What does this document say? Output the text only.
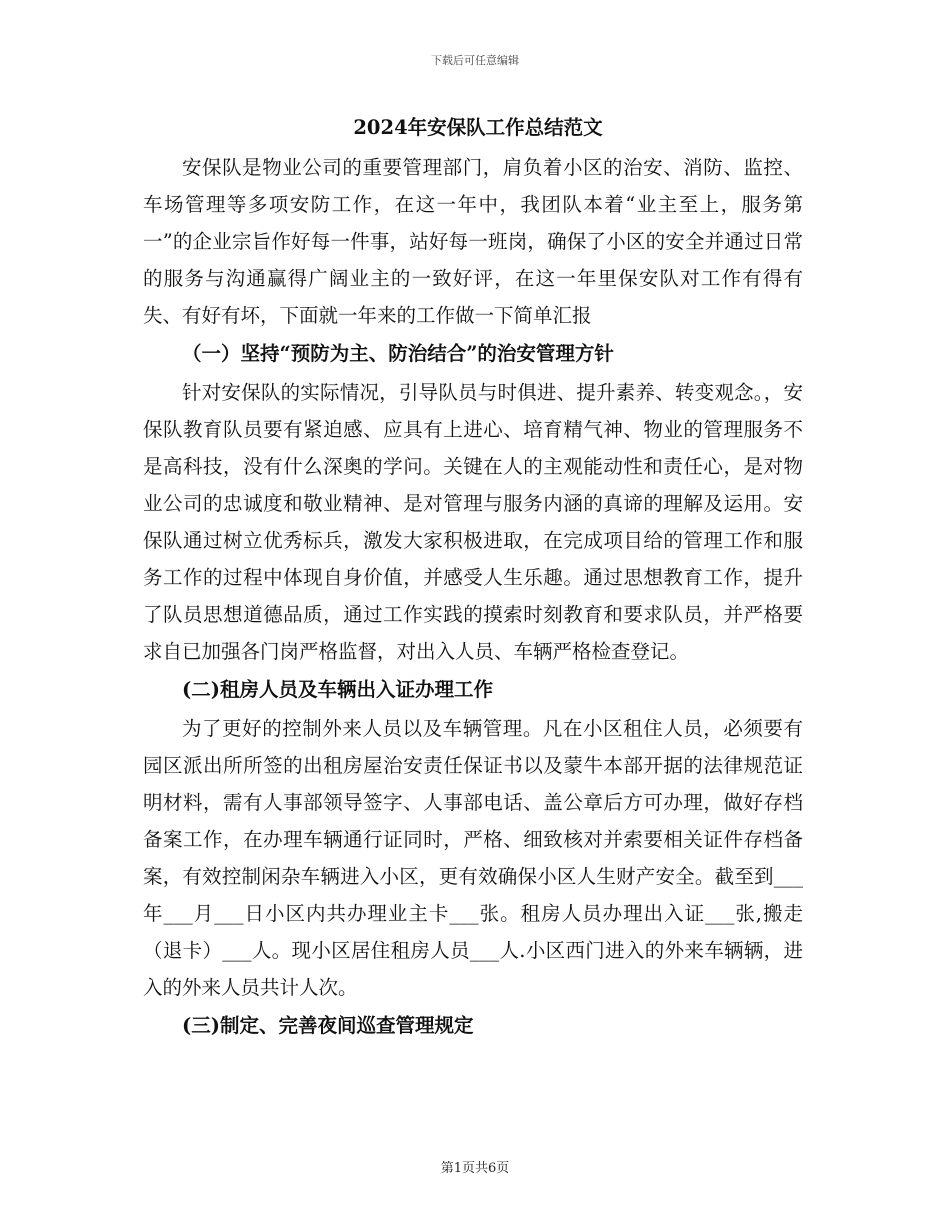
下载后可任意编辑
2024年安保队工作总结范文

安保队是物业公司的重要管理部门，肩负着小区的治安、消防、监控、车场管理等多项安防工作，在这一年中，我团队本着“业主至上，服务第一”的企业宗旨作好每一件事，站好每一班岗，确保了小区的安全并通过日常的服务与沟通赢得广阔业主的一致好评，在这一年里保安队对工作有得有失、有好有坏，下面就一年来的工作做一下简单汇报

（一）坚持“预防为主、防治结合”的治安管理方针

针对安保队的实际情况，引导队员与时俱进、提升素养、转变观念。，安保队教育队员要有紧迫感、应具有上进心、培育精气神、物业的管理服务不是高科技，没有什么深奥的学问。关键在人的主观能动性和责任心，是对物业公司的忠诚度和敬业精神、是对管理与服务内涵的真谛的理解及运用。安保队通过树立优秀标兵，激发大家积极进取，在完成项目给的管理工作和服务工作的过程中体现自身价值，并感受人生乐趣。通过思想教育工作，提升了队员思想道德品质，通过工作实践的摸索时刻教育和要求队员，并严格要求自已加强各门岗严格监督，对出入人员、车辆严格检查登记。

(二)租房人员及车辆出入证办理工作

为了更好的控制外来人员以及车辆管理。凡在小区租住人员，必须要有园区派出所所签的出租房屋治安责任保证书以及蒙牛本部开据的法律规范证明材料，需有人事部领导签字、人事部电话、盖公章后方可办理，做好存档备案工作，在办理车辆通行证同时，严格、细致核对并索要相关证件存档备案，有效控制闲杂车辆进入小区，更有效确保小区人生财产安全。截至到___年___月___日小区内共办理业主卡___张。租房人员办理出入证___张,搬走（退卡）___人。现小区居住租房人员___人.小区西门进入的外来车辆辆，进入的外来人员共计人次。

(三)制定、完善夜间巡查管理规定
第1页共6页
